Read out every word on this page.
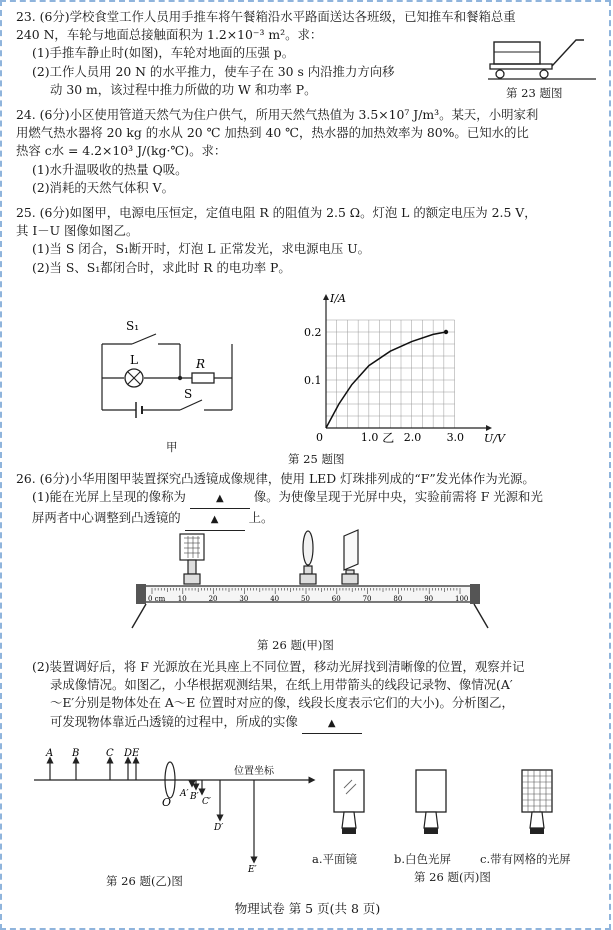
23. (6分)学校食堂工作人员用手推车将午餐箱沿水平路面送达各班级，已知推车和餐箱总重
240 N，车轮与地面总接触面积为 1.2×10⁻³ m²。求：
(1)手推车静止时(如图)，车轮对地面的压强 p。
(2)工作人员用 20 N 的水平推力，使车子在 30 s 内沿推力方向移
动 30 m，该过程中推力所做的功 W 和功率 P。	第 23 题图
24. (6分)小区使用管道天然气为住户供气，所用天然气热值为 3.5×10⁷ J/m³。某天，小明家利
用燃气热水器将 20 kg 的水从 20 ℃ 加热到 40 ℃，热水器的加热效率为 80%。已知水的比
热容 c水 = 4.2×10³ J/(kg·℃)。求：
(1)水升温吸收的热量 Q吸。
(2)消耗的天然气体积 V。
25. (6分)如图甲，电源电压恒定，定值电阻 R 的阻值为 2.5 Ω。灯泡 L 的额定电压为 2.5 V，
其 I－U 图像如图乙。
(1)当 S 闭合，S₁断开时，灯泡 L 正常发光，求电源电压 U。
(2)当 S、S₁都闭合时，求此时 R 的电功率 P。
S₁
L	R
S
甲
1.0 2.0 3.0
0.1
0.2
0	U/V
I/A
乙
第 25 题图
26. (6分)小华用图甲装置探究凸透镜成像规律，使用 LED 灯珠排列成的“F”发光体作为光源。
(1)能在光屏上呈现的像称为	▲ 像。为使像呈现于光屏中央，实验前需将 F 光源和光
屏两者中心调整到凸透镜的	▲ 上。
0 cm 10	20	30	40	50	60	70	80	90	100
第 26 题(甲)图
(2)装置调好后，将 F 光源放在光具座上不同位置，移动光屏找到清晰像的位置，观察并记
录成像情况。如图乙，小华根据观测结果，在纸上用带箭头的线段记录物、像情况(A′
～E′分别是物体处在 A～E 位置时对应的像，线段长度表示它们的大小)。分析图乙，
可发现物体靠近凸透镜的过程中，所成的实像	▲
A B	C D E
A′ B′ C′
D′
E′
O
位置坐标
第 26 题(乙)图
a.平面镜	b.白色光屏	c.带有网格的光屏
第 26 题(丙)图
物理试卷 第 5 页(共 8 页)
